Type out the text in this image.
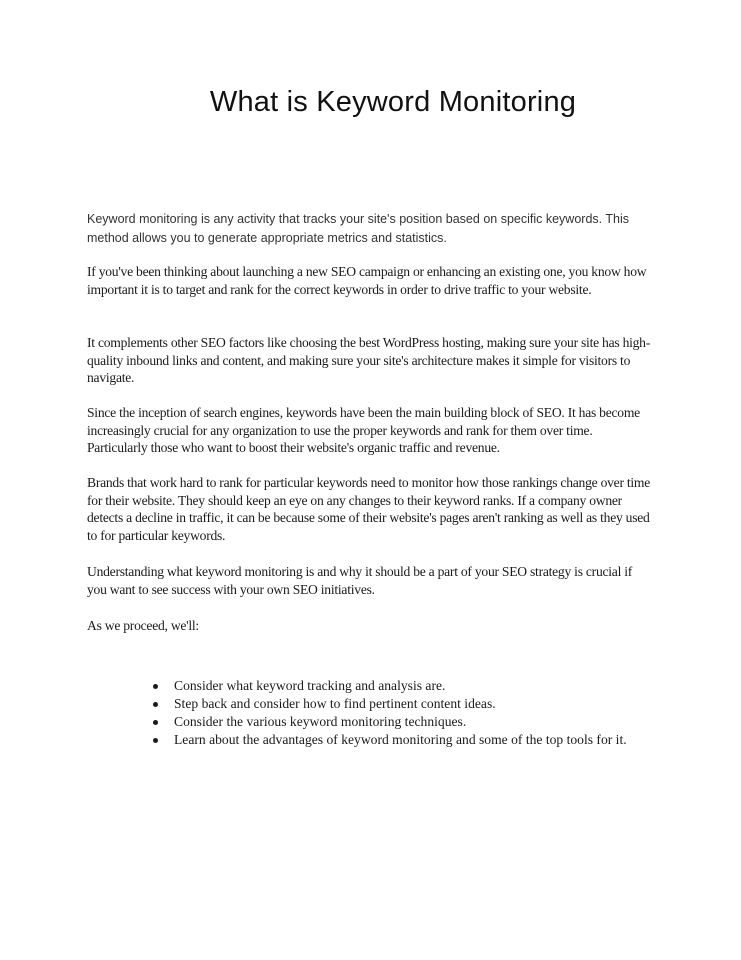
What is Keyword Monitoring

Keyword monitoring is any activity that tracks your site's position based on specific keywords. This method allows you to generate appropriate metrics and statistics.

If you've been thinking about launching a new SEO campaign or enhancing an existing one, you know how important it is to target and rank for the correct keywords in order to drive traffic to your website.

It complements other SEO factors like choosing the best WordPress hosting, making sure your site has high-quality inbound links and content, and making sure your site's architecture makes it simple for visitors to navigate.

Since the inception of search engines, keywords have been the main building block of SEO. It has become increasingly crucial for any organization to use the proper keywords and rank for them over time. Particularly those who want to boost their website's organic traffic and revenue.

Brands that work hard to rank for particular keywords need to monitor how those rankings change over time for their website. They should keep an eye on any changes to their keyword ranks. If a company owner detects a decline in traffic, it can be because some of their website's pages aren't ranking as well as they used to for particular keywords.

Understanding what keyword monitoring is and why it should be a part of your SEO strategy is crucial if you want to see success with your own SEO initiatives.

As we proceed, we'll:

Consider what keyword tracking and analysis are.
Step back and consider how to find pertinent content ideas.
Consider the various keyword monitoring techniques.
Learn about the advantages of keyword monitoring and some of the top tools for it.
